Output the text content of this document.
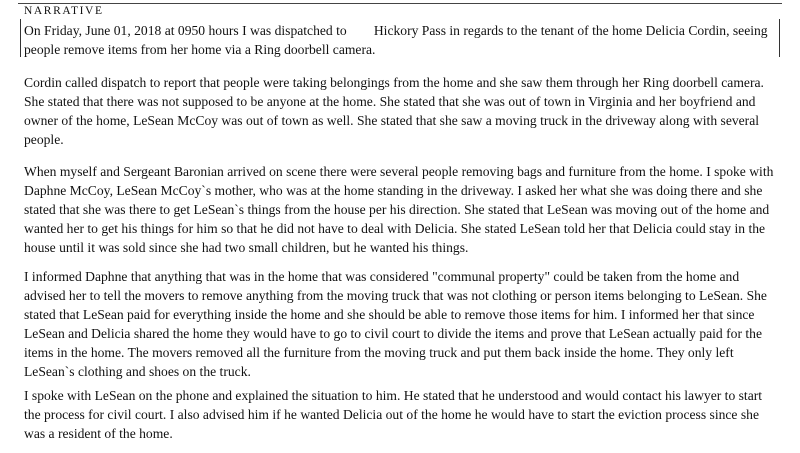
NARRATIVE

On Friday, June 01, 2018 at 0950 hours I was dispatched to        Hickory Pass in regards to the tenant of the home Delicia Cordin, seeing
people remove items from her home via a Ring doorbell camera.

Cordin called dispatch to report that people were taking belongings from the home and she saw them through her Ring doorbell camera.
She stated that there was not supposed to be anyone at the home. She stated that she was out of town in Virginia and her boyfriend and
owner of the home, LeSean McCoy was out of town as well. She stated that she saw a moving truck in the driveway along with several
people.

When myself and Sergeant Baronian arrived on scene there were several people removing bags and furniture from the home. I spoke with
Daphne McCoy, LeSean McCoy`s mother, who was at the home standing in the driveway. I asked her what she was doing there and she
stated that she was there to get LeSean`s things from the house per his direction. She stated that LeSean was moving out of the home and
wanted her to get his things for him so that he did not have to deal with Delicia. She stated LeSean told her that Delicia could stay in the
house until it was sold since she had two small children, but he wanted his things.

I informed Daphne that anything that was in the home that was considered "communal property" could be taken from the home and
advised her to tell the movers to remove anything from the moving truck that was not clothing or person items belonging to LeSean. She
stated that LeSean paid for everything inside the home and she should be able to remove those items for him. I informed her that since
LeSean and Delicia shared the home they would have to go to civil court to divide the items and prove that LeSean actually paid for the
items in the home. The movers removed all the furniture from the moving truck and put them back inside the home. They only left
LeSean`s clothing and shoes on the truck.

I spoke with LeSean on the phone and explained the situation to him. He stated that he understood and would contact his lawyer to start
the process for civil court. I also advised him if he wanted Delicia out of the home he would have to start the eviction process since she
was a resident of the home.
